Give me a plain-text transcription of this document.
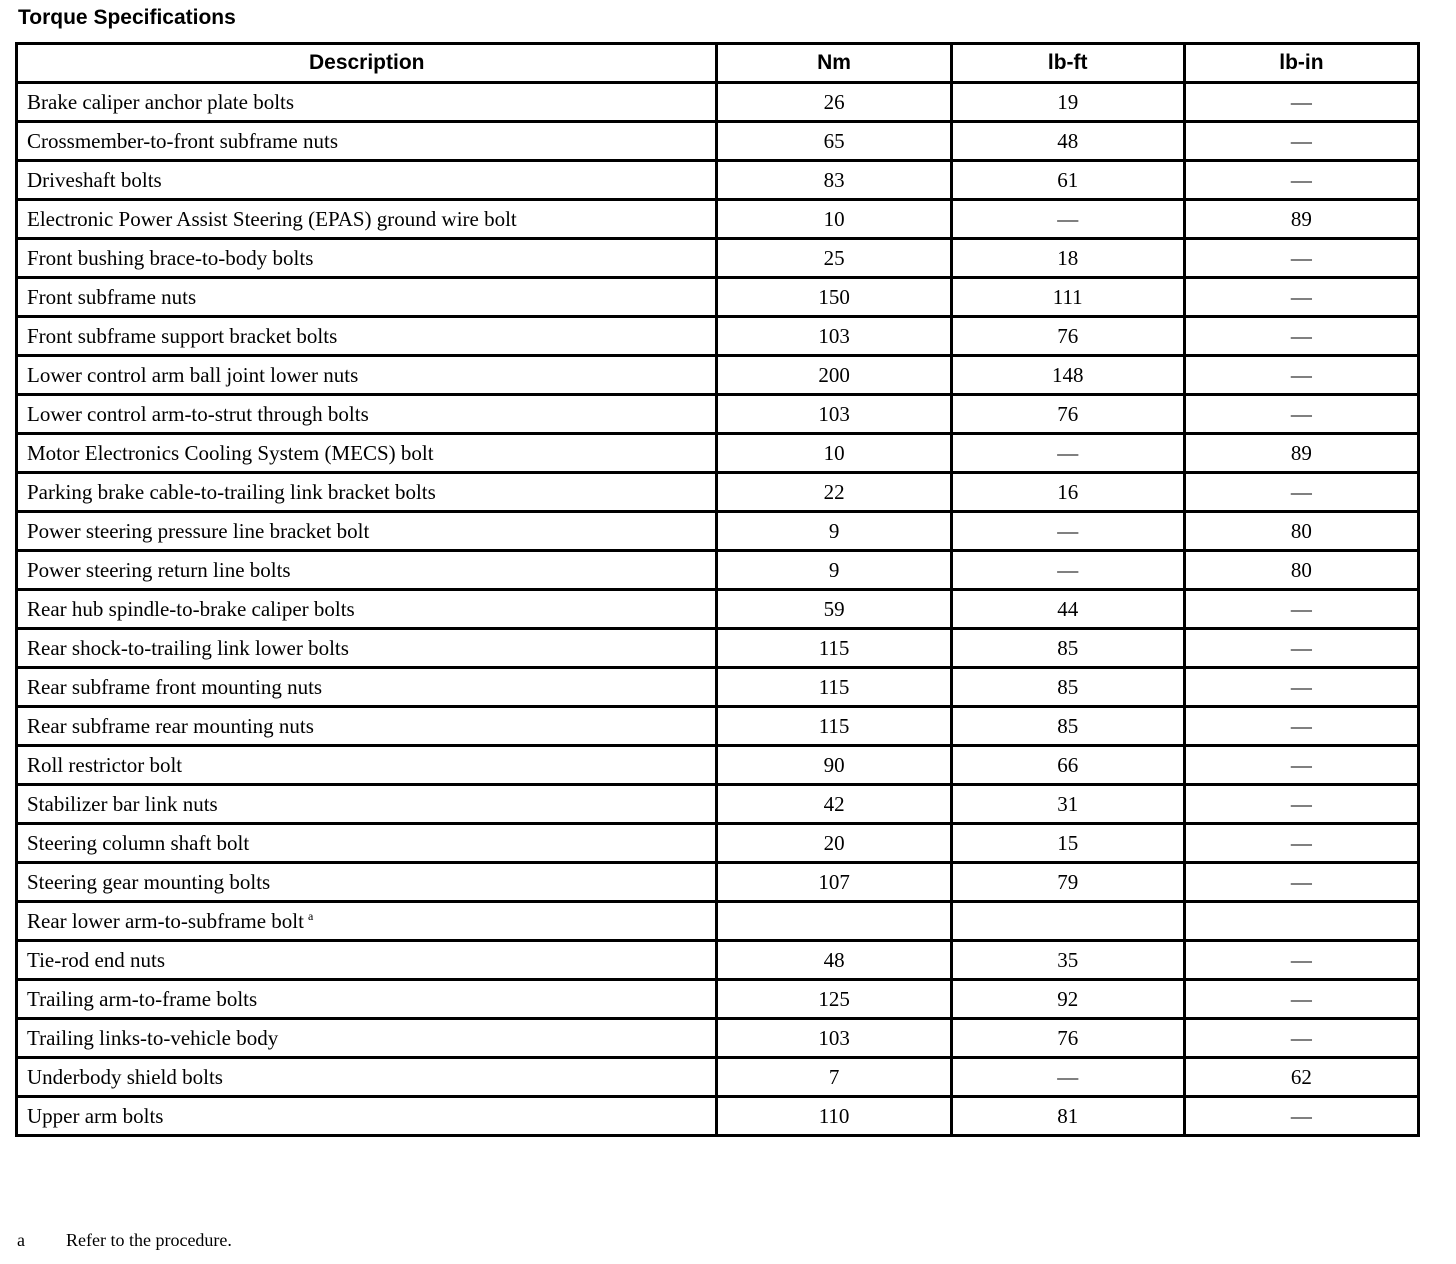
Torque Specifications
Description	Nm	lb-ft	lb-in
Brake caliper anchor plate bolts	26	19	—
Crossmember-to-front subframe nuts	65	48	—
Driveshaft bolts	83	61	—
Electronic Power Assist Steering (EPAS) ground wire bolt	10	—	89
Front bushing brace-to-body bolts	25	18	—
Front subframe nuts	150	111	—
Front subframe support bracket bolts	103	76	—
Lower control arm ball joint lower nuts	200	148	—
Lower control arm-to-strut through bolts	103	76	—
Motor Electronics Cooling System (MECS) bolt	10	—	89
Parking brake cable-to-trailing link bracket bolts	22	16	—
Power steering pressure line bracket bolt	9	—	80
Power steering return line bolts	9	—	80
Rear hub spindle-to-brake caliper bolts	59	44	—
Rear shock-to-trailing link lower bolts	115	85	—
Rear subframe front mounting nuts	115	85	—
Rear subframe rear mounting nuts	115	85	—
Roll restrictor bolt	90	66	—
Stabilizer bar link nuts	42	31	—
Steering column shaft bolt	20	15	—
Steering gear mounting bolts	107	79	—
Rear lower arm-to-subframe bolt $^a$			
Tie-rod end nuts	48	35	—
Trailing arm-to-frame bolts	125	92	—
Trailing links-to-vehicle body	103	76	—
Underbody shield bolts	7	—	62
Upper arm bolts	110	81	—
a Refer to the procedure.
